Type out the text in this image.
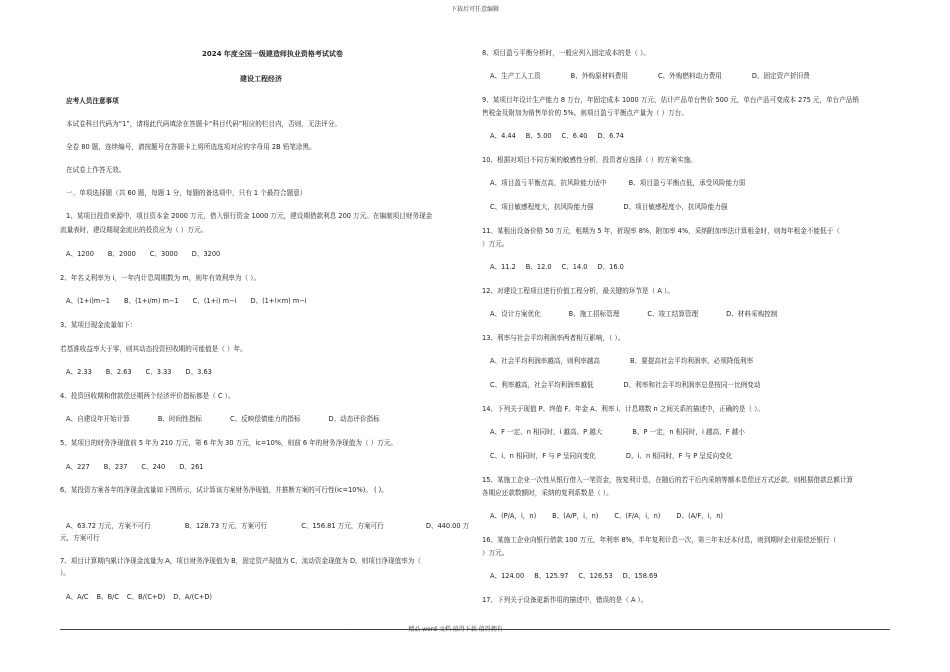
下载后可任意编辑
2024 年度全国一级建造师执业资格考试试卷
建设工程经济
应考人员注意事项
本试卷科目代码为“1”，请将此代码填涂在答题卡“科目代码”相应的栏目内，否则，无法评分。
全卷 80 题，连续编号，请按题号在答题卡上将所选选项对应的字母用 2B 铅笔涂黑。
在试卷上作答无效。
一、单项选择题（共 60 题，每题 1 分，每题的备选项中，只有 1 个最符合题意）
1、某项目投资来源中，项目资本金 2000 万元，借入银行资金 1000 万元，建设期借款利息 200 万元。在编制项目财务现金
流量表时，建设期现金流出的投资应为（ ）万元。
A、1200 B、2000 C、3000 D、3200
2、年名义利率为 i，一年内计息周期数为 m，则年有效利率为（ ）。
A、(1+i)m−1 B、(1+i/m) m−1 C、(1+i) m−i D、(1+i×m) m−i
3、某项目现金流量如下：
若基准收益率大于零，则其动态投资回收期的可能值是（ ）年。
A、2.33 B、2.63 C、3.33 D、3.63
4、投资回收期和借款偿还期两个经济评价指标都是（ C ）。
A、自建设年开始计算	B、时间性指标	C、反映偿债能力的指标	D、动态评价指标
5、某项目的财务净现值前 5 年为 210 万元，第 6 年为 30 万元，ic=10%，则前 6 年的财务净现值为（ ）万元。
A、227 B、237 C、240 D、261
6、某投资方案各年的净现金流量如下图所示，试计算该方案财务净现值，并推断方案的可行性(ic=10%)。 ( )。
A、63.72 万元，方案不可行	B、128.73 万元，方案可行	C、156.81 万元，方案可行	D、440.00 万
元，方案可行
7、项目计算期内累计净现金流量为 A，项目财务净现值为 B，固定资产现值为 C，流动资金现值为 D，则项目净现值率为（
）。
A、A/C B、B/C C、B/(C+D) D、A/(C+D)
8、项目盈亏平衡分析时，一般应列入固定成本的是（ ）。
A、生产工人工资	B、外购原材料费用	C、外购燃料动力费用	D、固定资产折旧费
9、某项目年设计生产能力 8 万台，年固定成本 1000 万元，估计产品单台售价 500 元，单台产品可变成本 275 元，单台产品销
售税金及附加为销售单价的 5%。则项目盈亏平衡点产量为（ ）万台。
A、4.44 B、5.00 C、6.40 D、6.74
10、根据对项目不同方案的敏感性分析，投资者应选择（ ）的方案实施。
A、项目盈亏平衡点高，抗风险能力适中	B、项目盈亏平衡点低，承受风险能力弱
C、项目敏感程度大，抗风险能力强	D、项目敏感程度小，抗风险能力强
11、某租出设备价格 50 万元，租期为 5 年，折现率 8%，附加率 4%，采纳附加率法计算租金时，则每年租金不能低于（
）万元。
A、11.2 B、12.0 C、14.0 D、16.0
12、对建设工程项目进行价值工程分析，最关键的环节是（ A ）。
A、设计方案优化	B、施工招标管理	C、竣工结算管理	D、材料采购控制
13、利率与社会平均利润率两者相互影响，（ ）。
A、社会平均利润率越高，则利率越高	B、要提高社会平均利润率，必须降低利率
C、利率越高，社会平均利润率越低	D、利率和社会平均利润率总是按同一比例变动
14、下列关于现值 P、终值 F、年金 A、利率 i、计息期数 n 之间关系的描述中，正确的是（ ）。
A、F 一定、n 相同时，i 越高、P 越大	B、P 一定，n 相同时，i 越高、F 越小
C、i、n 相同时，F 与 P 呈同向变化	D、i、n 相同时，F 与 P 呈反向变化
15、某施工企业一次性从银行借入一笔资金，按复利计息，在随后的若干后内采纳等额本息偿还方式还款，则根据借款总额计算
各期应还款数额时，采纳的复利系数是（ ）。
A、(P/A，i，n) B、(A/P，i，n) C、(F/A，i，n) D、(A/F，i，n)
16、某施工企业向银行借款 100 万元，年利率 8%，半年复利计息一次，第三年末还本付息，则到期时企业需偿还银行（
）万元。
A、124.00 B、125.97 C、126.53 D、158.69
17、下列关于设备更新作用的描述中，错误的是（ A ）。
----------------------------精品 word 文档 值得下载 值得拥有----------------------------------------------
